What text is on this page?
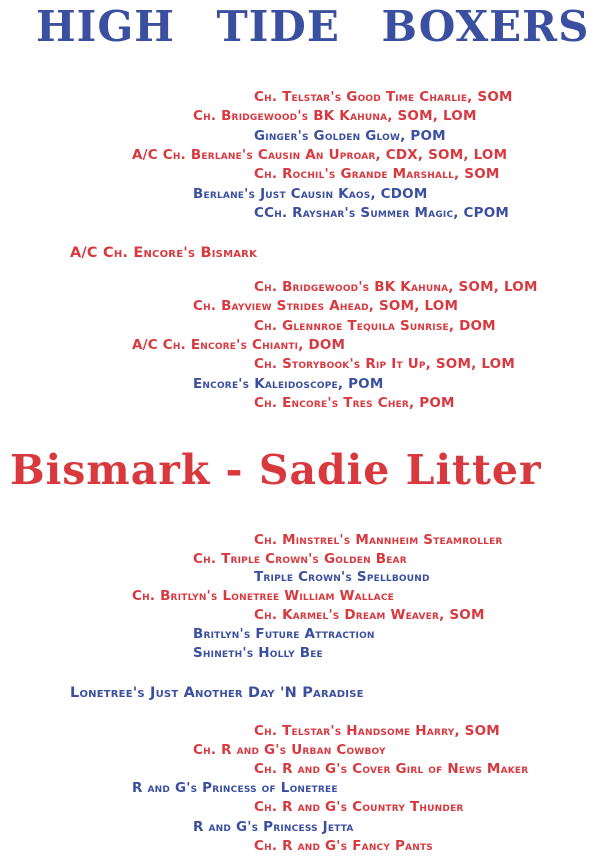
HIGH TIDE BOXERS
Ch. Telstar's Good Time Charlie, SOM
Ch. Bridgewood's BK Kahuna, SOM, LOM
Ginger's Golden Glow, POM
A/C Ch. Berlane's Causin An Uproar, CDX, SOM, LOM
Ch. Rochil's Grande Marshall, SOM
Berlane's Just Causin Kaos, CDOM
CCh. Rayshar's Summer Magic, CPOM
A/C Ch. Encore's Bismark
Ch. Bridgewood's BK Kahuna, SOM, LOM
Ch. Bayview Strides Ahead, SOM, LOM
Ch. Glennroe Tequila Sunrise, DOM
A/C Ch. Encore's Chianti, DOM
Ch. Storybook's Rip It Up, SOM, LOM
Encore's Kaleidoscope, POM
Ch. Encore's Tres Cher, POM
Bismark - Sadie Litter
Ch. Minstrel's Mannheim Steamroller
Ch. Triple Crown's Golden Bear
Triple Crown's Spellbound
Ch. Britlyn's Lonetree William Wallace
Ch. Karmel's Dream Weaver, SOM
Britlyn's Future Attraction
Shineth's Holly Bee
Lonetree's Just Another Day 'N Paradise
Ch. Telstar's Handsome Harry, SOM
Ch. R and G's Urban Cowboy
Ch. R and G's Cover Girl of News Maker
R and G's Princess of Lonetree
Ch. R and G's Country Thunder
R and G's Princess Jetta
Ch. R and G's Fancy Pants
